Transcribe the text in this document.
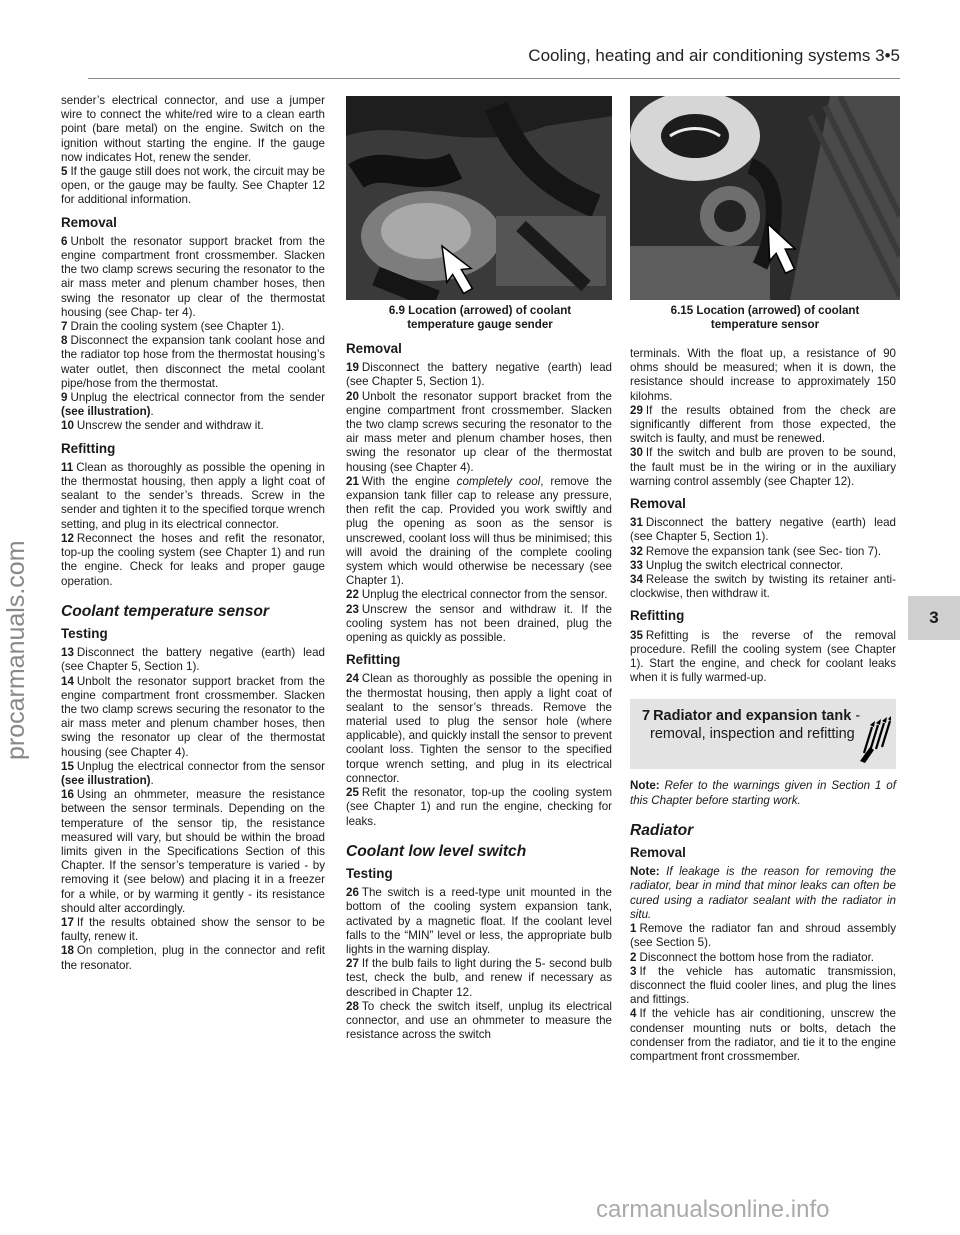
Cooling, heating and air conditioning systems 3•5

sender’s electrical connector, and use a jumper wire to connect the white/red wire to a clean earth point (bare metal) on the engine. Switch on the ignition without starting the engine. If the gauge now indicates Hot, renew the sender.

5 If the gauge still does not work, the circuit may be open, or the gauge may be faulty. See Chapter 12 for additional information.

Removal

6 Unbolt the resonator support bracket from the engine compartment front crossmember. Slacken the two clamp screws securing the resonator to the air mass meter and plenum chamber hoses, then swing the resonator up clear of the thermostat housing (see Chap- ter 4).

7 Drain the cooling system (see Chapter 1).

8 Disconnect the expansion tank coolant hose and the radiator top hose from the thermostat housing’s water outlet, then disconnect the metal coolant pipe/hose from the thermostat.

9 Unplug the electrical connector from the sender (see illustration).

10 Unscrew the sender and withdraw it.

Refitting

11 Clean as thoroughly as possible the opening in the thermostat housing, then apply a light coat of sealant to the sender’s threads. Screw in the sender and tighten it to the specified torque wrench setting, and plug in its electrical connector.

12 Reconnect the hoses and refit the resonator, top-up the cooling system (see Chapter 1) and run the engine. Check for leaks and proper gauge operation.

Coolant temperature sensor
Testing

13 Disconnect the battery negative (earth) lead (see Chapter 5, Section 1).

14 Unbolt the resonator support bracket from the engine compartment front crossmember. Slacken the two clamp screws securing the resonator to the air mass meter and plenum chamber hoses, then swing the resonator up clear of the thermostat housing (see Chapter 4).

15 Unplug the electrical connector from the sensor (see illustration).

16 Using an ohmmeter, measure the resistance between the sensor terminals. Depending on the temperature of the sensor tip, the resistance measured will vary, but should be within the broad limits given in the Specifications Section of this Chapter. If the sensor’s temperature is varied - by removing it (see below) and placing it in a freezer for a while, or by warming it gently - its resistance should alter accordingly.

17 If the results obtained show the sensor to be faulty, renew it.

18 On completion, plug in the connector and refit the resonator.

6.9 Location (arrowed) of coolant
temperature gauge sender
6.15 Location (arrowed) of coolant
temperature sensor
Removal

19 Disconnect the battery negative (earth) lead (see Chapter 5, Section 1).

20 Unbolt the resonator support bracket from the engine compartment front crossmember. Slacken the two clamp screws securing the resonator to the air mass meter and plenum chamber hoses, then swing the resonator up clear of the thermostat housing (see Chapter 4).

21 With the engine completely cool, remove the expansion tank filler cap to release any pressure, then refit the cap. Provided you work swiftly and plug the opening as soon as the sensor is unscrewed, coolant loss will thus be minimised; this will avoid the draining of the complete cooling system which would otherwise be necessary (see Chapter 1).

22 Unplug the electrical connector from the sensor.

23 Unscrew the sensor and withdraw it. If the cooling system has not been drained, plug the opening as quickly as possible.

Refitting

24 Clean as thoroughly as possible the opening in the thermostat housing, then apply a light coat of sealant to the sensor’s threads. Remove the material used to plug the sensor hole (where applicable), and quickly install the sensor to prevent coolant loss. Tighten the sensor to the specified torque wrench setting, and plug in its electrical connector.

25 Refit the resonator, top-up the cooling system (see Chapter 1) and run the engine, checking for leaks.

Coolant low level switch
Testing

26 The switch is a reed-type unit mounted in the bottom of the cooling system expansion tank, activated by a magnetic float. If the coolant level falls to the “MIN” level or less, the appropriate bulb lights in the warning display.

27 If the bulb fails to light during the 5- second bulb test, check the bulb, and renew if necessary as described in Chapter 12.

28 To check the switch itself, unplug its electrical connector, and use an ohmmeter to measure the resistance across the switch

terminals. With the float up, a resistance of 90 ohms should be measured; when it is down, the resistance should increase to approximately 150 kilohms.

29 If the results obtained from the check are significantly different from those expected, the switch is faulty, and must be renewed.

30 If the switch and bulb are proven to be sound, the fault must be in the wiring or in the auxiliary warning control assembly (see Chapter 12).

Removal

31 Disconnect the battery negative (earth) lead (see Chapter 5, Section 1).

32 Remove the expansion tank (see Sec- tion 7).

33 Unplug the switch electrical connector.

34 Release the switch by twisting its retainer anti-clockwise, then withdraw it.

Refitting

35 Refitting is the reverse of the removal procedure. Refill the cooling system (see Chapter 1). Start the engine, and check for coolant leaks when it is fully warmed-up.

7 Radiator and expansion tank -
removal, inspection and refitting

Note: Refer to the warnings given in Section 1 of this Chapter before starting work.

Radiator
Removal

Note: If leakage is the reason for removing the radiator, bear in mind that minor leaks can often be cured using a radiator sealant with the radiator in situ.

1 Remove the radiator fan and shroud assembly (see Section 5).

2 Disconnect the bottom hose from the radiator.

3 If the vehicle has automatic transmission, disconnect the fluid cooler lines, and plug the lines and fittings.

4 If the vehicle has air conditioning, unscrew the condenser mounting nuts or bolts, detach the condenser from the radiator, and tie it to the engine compartment front crossmember.

3
procarmanuals.com
carmanualsonline.info
